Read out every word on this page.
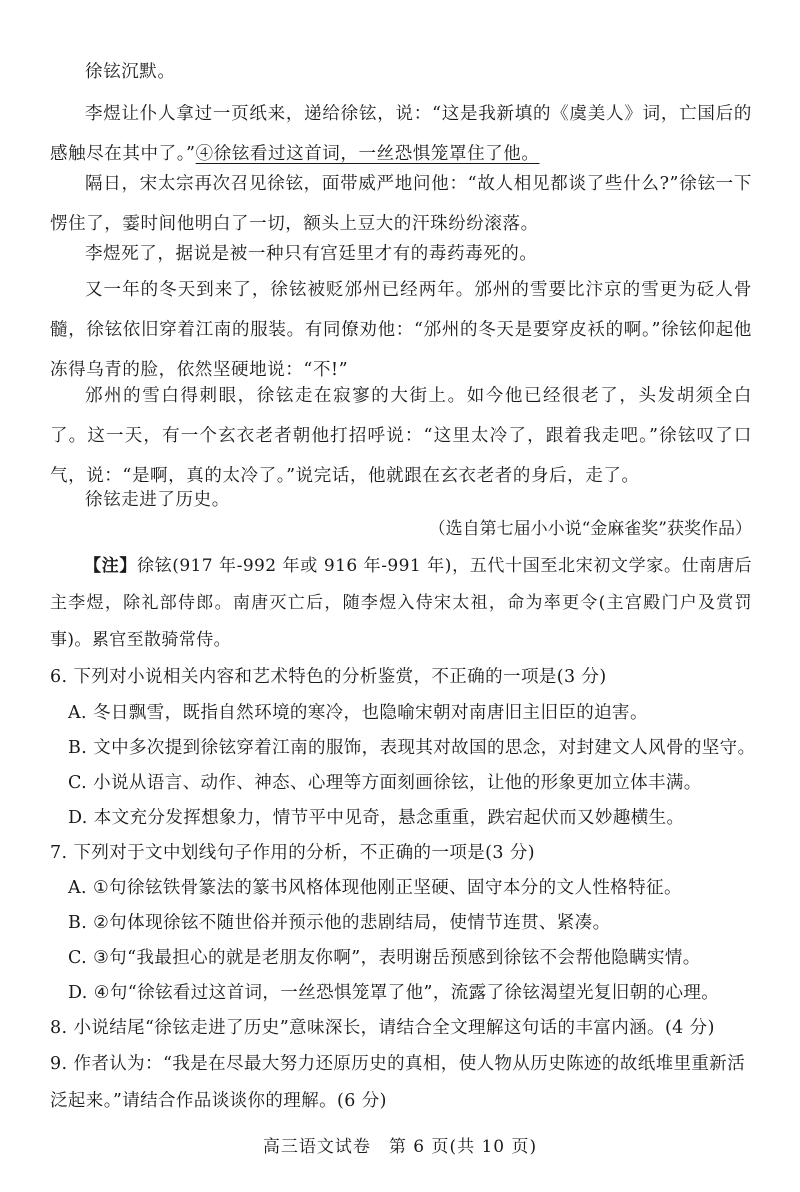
徐铉沉默。

李煜让仆人拿过一页纸来，递给徐铉，说：“这是我新填的《虞美人》词，亡国后的感触尽在其中了。”④徐铉看过这首词，一丝恐惧笼罩住了他。

隔日，宋太宗再次召见徐铉，面带威严地问他：“故人相见都谈了些什么?”徐铉一下愣住了，霎时间他明白了一切，额头上豆大的汗珠纷纷滚落。

李煜死了，据说是被一种只有宫廷里才有的毒药毒死的。

又一年的冬天到来了，徐铉被贬邠州已经两年。邠州的雪要比汴京的雪更为砭人骨髓，徐铉依旧穿着江南的服装。有同僚劝他：“邠州的冬天是要穿皮袄的啊。”徐铉仰起他冻得乌青的脸，依然坚硬地说：“不!”

邠州的雪白得刺眼，徐铉走在寂寥的大街上。如今他已经很老了，头发胡须全白了。这一天，有一个玄衣老者朝他打招呼说：“这里太冷了，跟着我走吧。”徐铉叹了口气，说：“是啊，真的太冷了。”说完话，他就跟在玄衣老者的身后，走了。

徐铉走进了历史。

（选自第七届小小说“金麻雀奖”获奖作品）

【注】徐铉(917 年-992 年或 916 年-991 年)，五代十国至北宋初文学家。仕南唐后主李煜，除礼部侍郎。南唐灭亡后，随李煜入侍宋太祖，命为率更令(主宫殿门户及赏罚事)。累官至散骑常侍。

6. 下列对小说相关内容和艺术特色的分析鉴赏，不正确的一项是(3 分)

A. 冬日飘雪，既指自然环境的寒冷，也隐喻宋朝对南唐旧主旧臣的迫害。

B. 文中多次提到徐铉穿着江南的服饰，表现其对故国的思念，对封建文人风骨的坚守。

C. 小说从语言、动作、神态、心理等方面刻画徐铉，让他的形象更加立体丰满。

D. 本文充分发挥想象力，情节平中见奇，悬念重重，跌宕起伏而又妙趣横生。

7. 下列对于文中划线句子作用的分析，不正确的一项是(3 分)

A. ①句徐铉铁骨篆法的篆书风格体现他刚正坚硬、固守本分的文人性格特征。

B. ②句体现徐铉不随世俗并预示他的悲剧结局，使情节连贯、紧凑。

C. ③句“我最担心的就是老朋友你啊”，表明谢岳预感到徐铉不会帮他隐瞒实情。

D. ④句“徐铉看过这首词，一丝恐惧笼罩了他”，流露了徐铉渴望光复旧朝的心理。

8. 小说结尾“徐铉走进了历史”意味深长，请结合全文理解这句话的丰富内涵。(4 分)

9. 作者认为：“我是在尽最大努力还原历史的真相，使人物从历史陈迹的故纸堆里重新活泛起来。”请结合作品谈谈你的理解。(6 分)

高三语文试卷　第 6 页(共 10 页)
